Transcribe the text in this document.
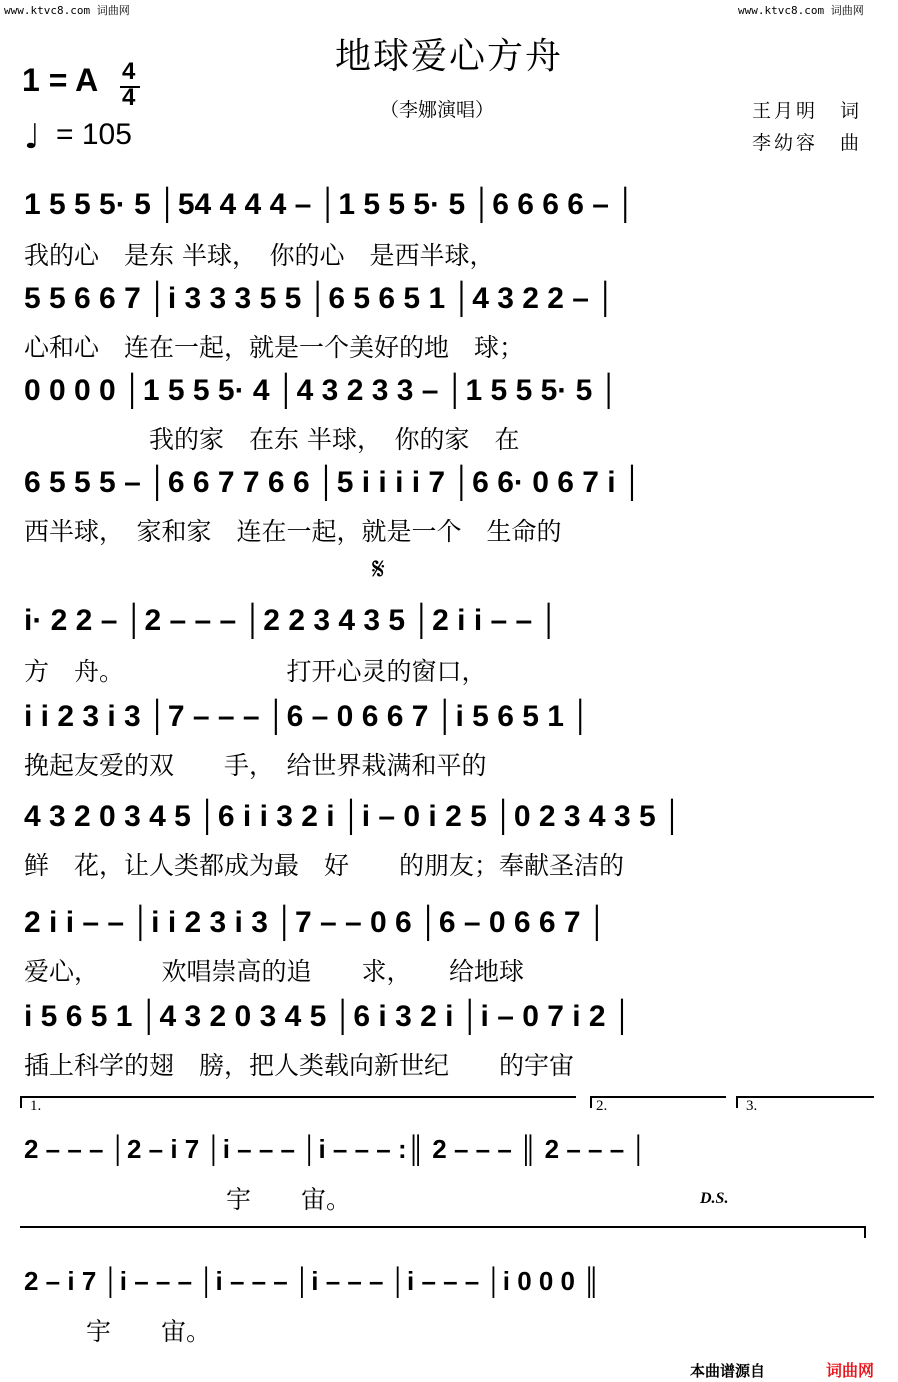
www.ktvc8.com 词曲网	www.ktvc8.com 词曲网
地球爱心方舟
（李娜演唱）	王月明　词
李幼容　曲
1 = A 4
4
♩ = 105
1 5 5 5· 5 │54 4 4 4 – │1 5 5 5· 5 │6 6 6 6 – │
我的心　是东 半球，　你的心　是西半球，
5 5 6 6 7 │i 3 3 3 5 5 │6 5 6 5 1 │4 3 2 2 – │
心和心　连在一起，就是一个美好的地　球；
0 0 0 0 │1 5 5 5· 4 │4 3 2 3 3 – │1 5 5 5· 5 │
　　　　　我的家　在东 半球，　你的家　在
6 5 5 5 – │6 6 7 7 6 6 │5 i i i i 7 │6 6· 0 6 7 i │
西半球，　家和家　连在一起，就是一个　生命的
𝄋
i· 2 2 – │2 – – – │2 2 3 4 3 5 │2 i i – – │
方　舟。　　　　　　　打开心灵的窗口，
i i 2 3 i 3 │7 – – – │6 – 0 6 6 7 │i 5 6 5 1 │
挽起友爱的双　　手，　给世界栽满和平的
4 3 2 0 3 4 5 │6 i i 3 2 i │i – 0 i 2 5 │0 2 3 4 3 5 │
鲜　花，让人类都成为最　好　　的朋友；奉献圣洁的
2 i i – – │i i 2 3 i 3 │7 – – 0 6 │6 – 0 6 6 7 │
爱心，　　　欢唱崇高的追　　求，　　给地球
i 5 6 5 1 │4 3 2 0 3 4 5 │6 i 3 2 i │i – 0 7 i 2 │
插上科学的翅　膀，把人类载向新世纪　　的宇宙
1.	2.	3.
2 – – – │2 – i 7 │i – – – │i – – – :║ 2 – – – ║ 2 – – – │
宇　　宙。	D.S.
2 – i 7 │i – – – │i – – – │i – – – │i – – – │i 0 0 0 ║
宇　　宙。
本曲谱源自	词曲网
